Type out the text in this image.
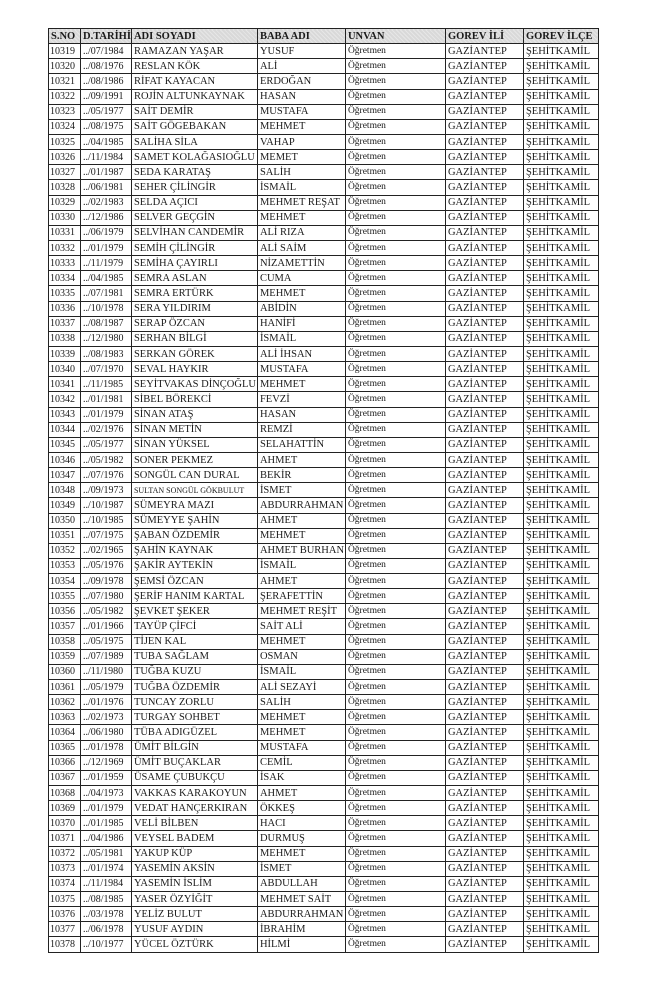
S.NO	D.TARİHİ	ADI SOYADI	BABA ADI	UNVAN	GOREV İLİ	GOREV İLÇE
10319	../07/1984	RAMAZAN YAŞAR	YUSUF	Öğretmen	GAZİANTEP	ŞEHİTKAMİL
10320	../08/1976	RESLAN KÖK	ALİ	Öğretmen	GAZİANTEP	ŞEHİTKAMİL
10321	../08/1986	RİFAT KAYACAN	ERDOĞAN	Öğretmen	GAZİANTEP	ŞEHİTKAMİL
10322	../09/1991	ROJİN ALTUNKAYNAK	HASAN	Öğretmen	GAZİANTEP	ŞEHİTKAMİL
10323	../05/1977	SAİT DEMİR	MUSTAFA	Öğretmen	GAZİANTEP	ŞEHİTKAMİL
10324	../08/1975	SAİT GÖGEBAKAN	MEHMET	Öğretmen	GAZİANTEP	ŞEHİTKAMİL
10325	../04/1985	SALİHA SİLA	VAHAP	Öğretmen	GAZİANTEP	ŞEHİTKAMİL
10326	../11/1984	SAMET KOLAĞASIOĞLU	MEMET	Öğretmen	GAZİANTEP	ŞEHİTKAMİL
10327	../01/1987	SEDA KARATAŞ	SALİH	Öğretmen	GAZİANTEP	ŞEHİTKAMİL
10328	../06/1981	SEHER ÇİLİNGİR	İSMAİL	Öğretmen	GAZİANTEP	ŞEHİTKAMİL
10329	../02/1983	SELDA AÇICI	MEHMET REŞAT	Öğretmen	GAZİANTEP	ŞEHİTKAMİL
10330	../12/1986	SELVER GEÇGİN	MEHMET	Öğretmen	GAZİANTEP	ŞEHİTKAMİL
10331	../06/1979	SELVİHAN CANDEMİR	ALİ RIZA	Öğretmen	GAZİANTEP	ŞEHİTKAMİL
10332	../01/1979	SEMİH ÇİLİNGİR	ALİ SAİM	Öğretmen	GAZİANTEP	ŞEHİTKAMİL
10333	../11/1979	SEMİHA ÇAYIRLI	NİZAMETTİN	Öğretmen	GAZİANTEP	ŞEHİTKAMİL
10334	../04/1985	SEMRA ASLAN	CUMA	Öğretmen	GAZİANTEP	ŞEHİTKAMİL
10335	../07/1981	SEMRA ERTÜRK	MEHMET	Öğretmen	GAZİANTEP	ŞEHİTKAMİL
10336	../10/1978	SERA YILDIRIM	ABİDİN	Öğretmen	GAZİANTEP	ŞEHİTKAMİL
10337	../08/1987	SERAP ÖZCAN	HANİFİ	Öğretmen	GAZİANTEP	ŞEHİTKAMİL
10338	../12/1980	SERHAN BİLGİ	İSMAİL	Öğretmen	GAZİANTEP	ŞEHİTKAMİL
10339	../08/1983	SERKAN GÖREK	ALİ İHSAN	Öğretmen	GAZİANTEP	ŞEHİTKAMİL
10340	../07/1970	SEVAL HAYKIR	MUSTAFA	Öğretmen	GAZİANTEP	ŞEHİTKAMİL
10341	../11/1985	SEYİTVAKAS DİNÇOĞLU	MEHMET	Öğretmen	GAZİANTEP	ŞEHİTKAMİL
10342	../01/1981	SİBEL BÖREKCİ	FEVZİ	Öğretmen	GAZİANTEP	ŞEHİTKAMİL
10343	../01/1979	SİNAN ATAŞ	HASAN	Öğretmen	GAZİANTEP	ŞEHİTKAMİL
10344	../02/1976	SİNAN METİN	REMZİ	Öğretmen	GAZİANTEP	ŞEHİTKAMİL
10345	../05/1977	SİNAN YÜKSEL	SELAHATTİN	Öğretmen	GAZİANTEP	ŞEHİTKAMİL
10346	../05/1982	SONER PEKMEZ	AHMET	Öğretmen	GAZİANTEP	ŞEHİTKAMİL
10347	../07/1976	SONGÜL CAN DURAL	BEKİR	Öğretmen	GAZİANTEP	ŞEHİTKAMİL
10348	../09/1973	SULTAN SONGÜL GÖKBULUT	İSMET	Öğretmen	GAZİANTEP	ŞEHİTKAMİL
10349	../10/1987	SÜMEYRA MAZI	ABDURRAHMAN	Öğretmen	GAZİANTEP	ŞEHİTKAMİL
10350	../10/1985	SÜMEYYE ŞAHİN	AHMET	Öğretmen	GAZİANTEP	ŞEHİTKAMİL
10351	../07/1975	ŞABAN ÖZDEMİR	MEHMET	Öğretmen	GAZİANTEP	ŞEHİTKAMİL
10352	../02/1965	ŞAHİN KAYNAK	AHMET BURHAN	Öğretmen	GAZİANTEP	ŞEHİTKAMİL
10353	../05/1976	ŞAKİR AYTEKİN	İSMAİL	Öğretmen	GAZİANTEP	ŞEHİTKAMİL
10354	../09/1978	ŞEMSİ ÖZCAN	AHMET	Öğretmen	GAZİANTEP	ŞEHİTKAMİL
10355	../07/1980	ŞERİF HANIM KARTAL	ŞERAFETTİN	Öğretmen	GAZİANTEP	ŞEHİTKAMİL
10356	../05/1982	ŞEVKET ŞEKER	MEHMET REŞİT	Öğretmen	GAZİANTEP	ŞEHİTKAMİL
10357	../01/1966	TAYÜP ÇİFCİ	SAİT ALİ	Öğretmen	GAZİANTEP	ŞEHİTKAMİL
10358	../05/1975	TİJEN KAL	MEHMET	Öğretmen	GAZİANTEP	ŞEHİTKAMİL
10359	../07/1989	TUBA SAĞLAM	OSMAN	Öğretmen	GAZİANTEP	ŞEHİTKAMİL
10360	../11/1980	TUĞBA KUZU	İSMAİL	Öğretmen	GAZİANTEP	ŞEHİTKAMİL
10361	../05/1979	TUĞBA ÖZDEMİR	ALİ SEZAYİ	Öğretmen	GAZİANTEP	ŞEHİTKAMİL
10362	../01/1976	TUNCAY ZORLU	SALİH	Öğretmen	GAZİANTEP	ŞEHİTKAMİL
10363	../02/1973	TURGAY SOHBET	MEHMET	Öğretmen	GAZİANTEP	ŞEHİTKAMİL
10364	../06/1980	TÜBA ADIGÜZEL	MEHMET	Öğretmen	GAZİANTEP	ŞEHİTKAMİL
10365	../01/1978	ÜMİT BİLGİN	MUSTAFA	Öğretmen	GAZİANTEP	ŞEHİTKAMİL
10366	../12/1969	ÜMİT BUÇAKLAR	CEMİL	Öğretmen	GAZİANTEP	ŞEHİTKAMİL
10367	../01/1959	ÜSAME ÇUBUKÇU	İSAK	Öğretmen	GAZİANTEP	ŞEHİTKAMİL
10368	../04/1973	VAKKAS KARAKOYUN	AHMET	Öğretmen	GAZİANTEP	ŞEHİTKAMİL
10369	../01/1979	VEDAT HANÇERKIRAN	ÖKKEŞ	Öğretmen	GAZİANTEP	ŞEHİTKAMİL
10370	../01/1985	VELİ BİLBEN	HACI	Öğretmen	GAZİANTEP	ŞEHİTKAMİL
10371	../04/1986	VEYSEL BADEM	DURMUŞ	Öğretmen	GAZİANTEP	ŞEHİTKAMİL
10372	../05/1981	YAKUP KÜP	MEHMET	Öğretmen	GAZİANTEP	ŞEHİTKAMİL
10373	../01/1974	YASEMİN AKSİN	İSMET	Öğretmen	GAZİANTEP	ŞEHİTKAMİL
10374	../11/1984	YASEMİN İSLİM	ABDULLAH	Öğretmen	GAZİANTEP	ŞEHİTKAMİL
10375	../08/1985	YASER ÖZYİĞİT	MEHMET SAİT	Öğretmen	GAZİANTEP	ŞEHİTKAMİL
10376	../03/1978	YELİZ BULUT	ABDURRAHMAN	Öğretmen	GAZİANTEP	ŞEHİTKAMİL
10377	../06/1978	YUSUF AYDIN	İBRAHİM	Öğretmen	GAZİANTEP	ŞEHİTKAMİL
10378	../10/1977	YÜCEL ÖZTÜRK	HİLMİ	Öğretmen	GAZİANTEP	ŞEHİTKAMİL
